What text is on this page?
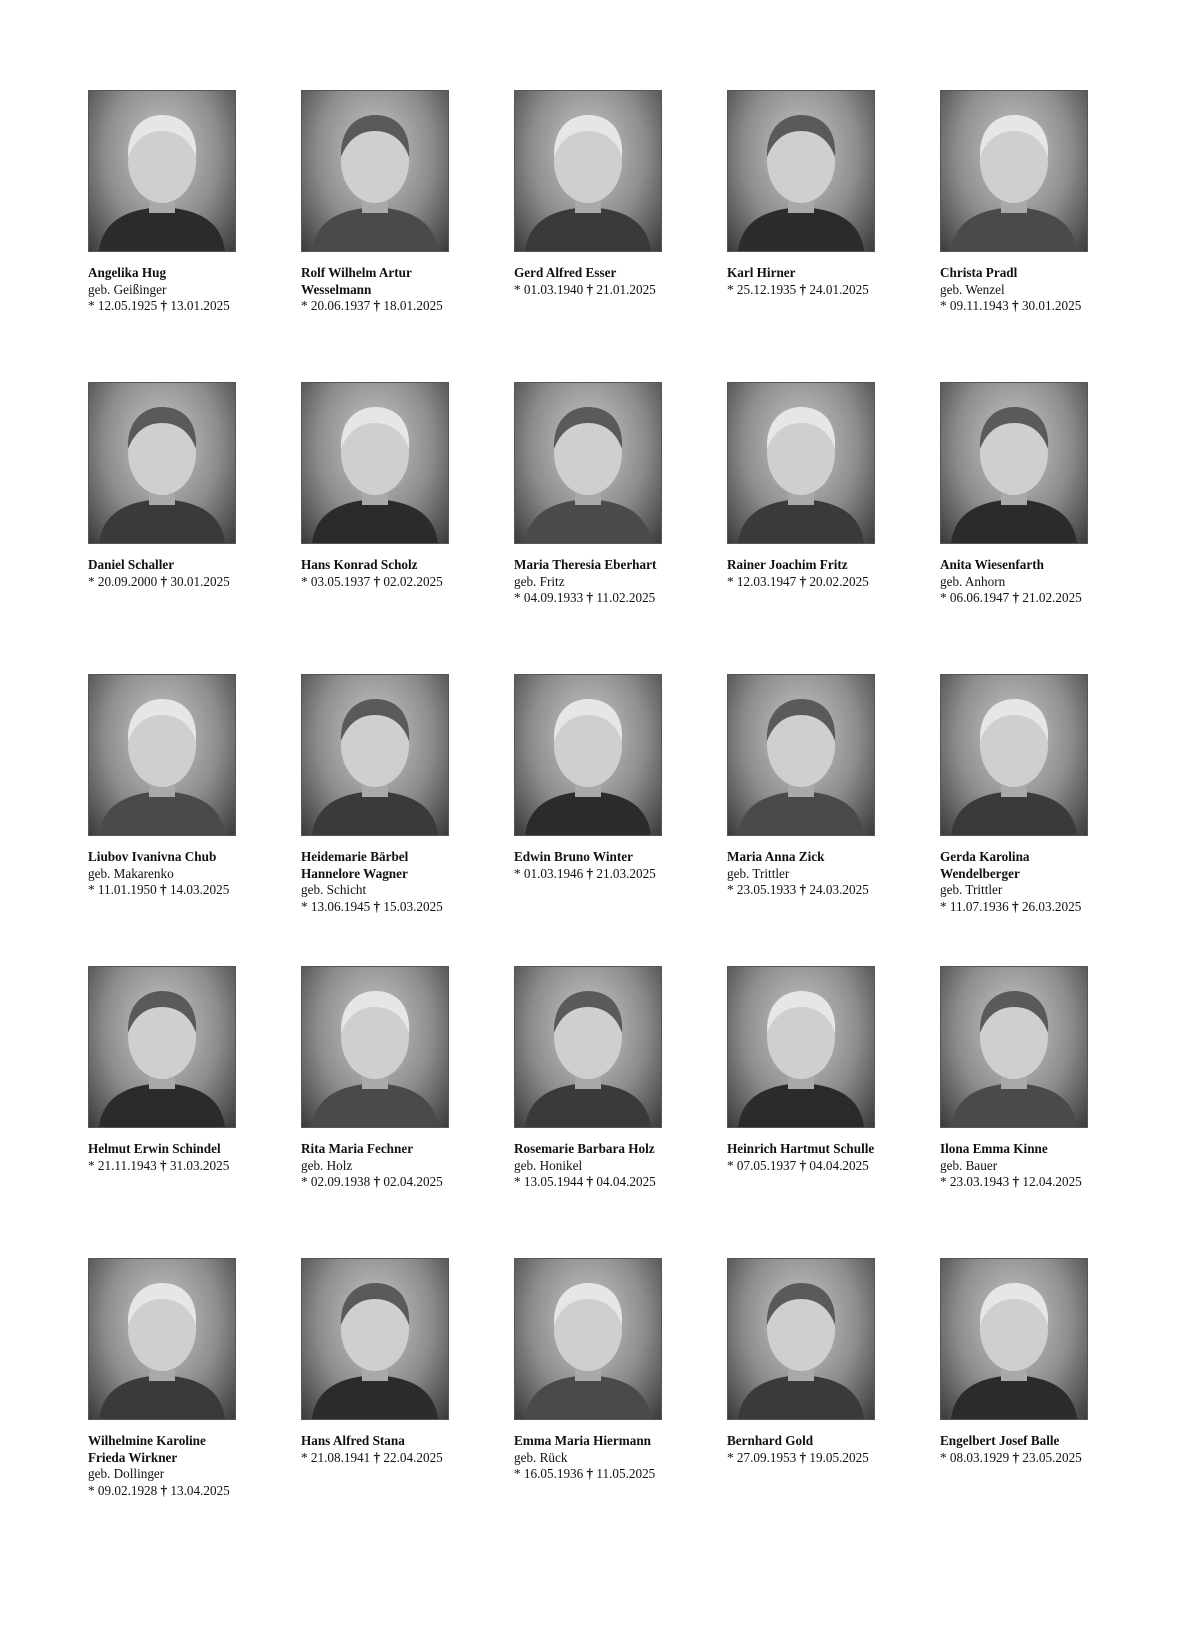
Angelika Hug
geb. Geißinger
* 12.05.1925 † 13.01.2025
Rolf Wilhelm Artur Wesselmann
* 20.06.1937 † 18.01.2025
Gerd Alfred Esser
* 01.03.1940 † 21.01.2025
Karl Hirner
* 25.12.1935 † 24.01.2025
Christa Pradl
geb. Wenzel
* 09.11.1943 † 30.01.2025
Daniel Schaller
* 20.09.2000 † 30.01.2025
Hans Konrad Scholz
* 03.05.1937 † 02.02.2025
Maria Theresia Eberhart
geb. Fritz
* 04.09.1933 † 11.02.2025
Rainer Joachim Fritz
* 12.03.1947 † 20.02.2025
Anita Wiesenfarth
geb. Anhorn
* 06.06.1947 † 21.02.2025
Liubov Ivanivna Chub
geb. Makarenko
* 11.01.1950 † 14.03.2025
Heidemarie Bärbel Hannelore Wagner
geb. Schicht
* 13.06.1945 † 15.03.2025
Edwin Bruno Winter
* 01.03.1946 † 21.03.2025
Maria Anna Zick
geb. Trittler
* 23.05.1933 † 24.03.2025
Gerda Karolina Wendelberger
geb. Trittler
* 11.07.1936 † 26.03.2025
Helmut Erwin Schindel
* 21.11.1943 † 31.03.2025
Rita Maria Fechner
geb. Holz
* 02.09.1938 † 02.04.2025
Rosemarie Barbara Holz
geb. Honikel
* 13.05.1944 † 04.04.2025
Heinrich Hartmut Schulle
* 07.05.1937 † 04.04.2025
Ilona Emma Kinne
geb. Bauer
* 23.03.1943 † 12.04.2025
Wilhelmine Karoline Frieda Wirkner
geb. Dollinger
* 09.02.1928 † 13.04.2025
Hans Alfred Stana
* 21.08.1941 † 22.04.2025
Emma Maria Hiermann
geb. Rück
* 16.05.1936 † 11.05.2025
Bernhard Gold
* 27.09.1953 † 19.05.2025
Engelbert Josef Balle
* 08.03.1929 † 23.05.2025
